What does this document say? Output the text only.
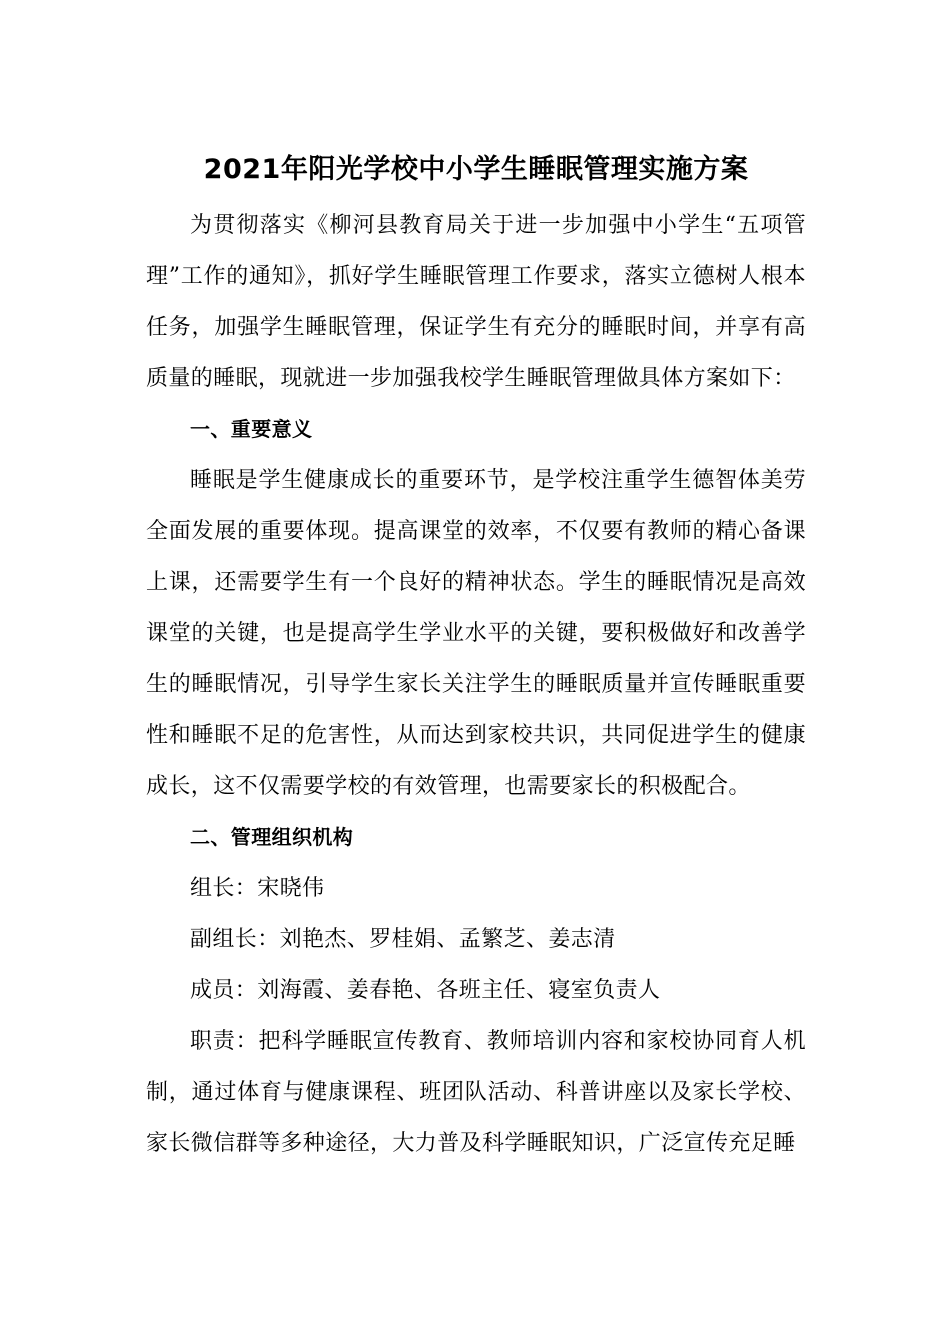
2021年阳光学校中小学生睡眠管理实施方案

为贯彻落实《柳河县教育局关于进一步加强中小学生“五项管理”工作的通知》，抓好学生睡眠管理工作要求，落实立德树人根本任务，加强学生睡眠管理，保证学生有充分的睡眠时间，并享有高质量的睡眠，现就进一步加强我校学生睡眠管理做具体方案如下：

一、重要意义

睡眠是学生健康成长的重要环节，是学校注重学生德智体美劳全面发展的重要体现。提高课堂的效率，不仅要有教师的精心备课上课，还需要学生有一个良好的精神状态。学生的睡眠情况是高效课堂的关键，也是提高学生学业水平的关键，要积极做好和改善学生的睡眠情况，引导学生家长关注学生的睡眠质量并宣传睡眠重要性和睡眠不足的危害性，从而达到家校共识，共同促进学生的健康成长，这不仅需要学校的有效管理，也需要家长的积极配合。

二、管理组织机构

组长：宋晓伟

副组长：刘艳杰、罗桂娟、孟繁芝、姜志清

成员：刘海霞、姜春艳、各班主任、寝室负责人

职责：把科学睡眠宣传教育、教师培训内容和家校协同育人机制，通过体育与健康课程、班团队活动、科普讲座以及家长学校、家长微信群等多种途径，大力普及科学睡眠知识，广泛宣传充足睡
